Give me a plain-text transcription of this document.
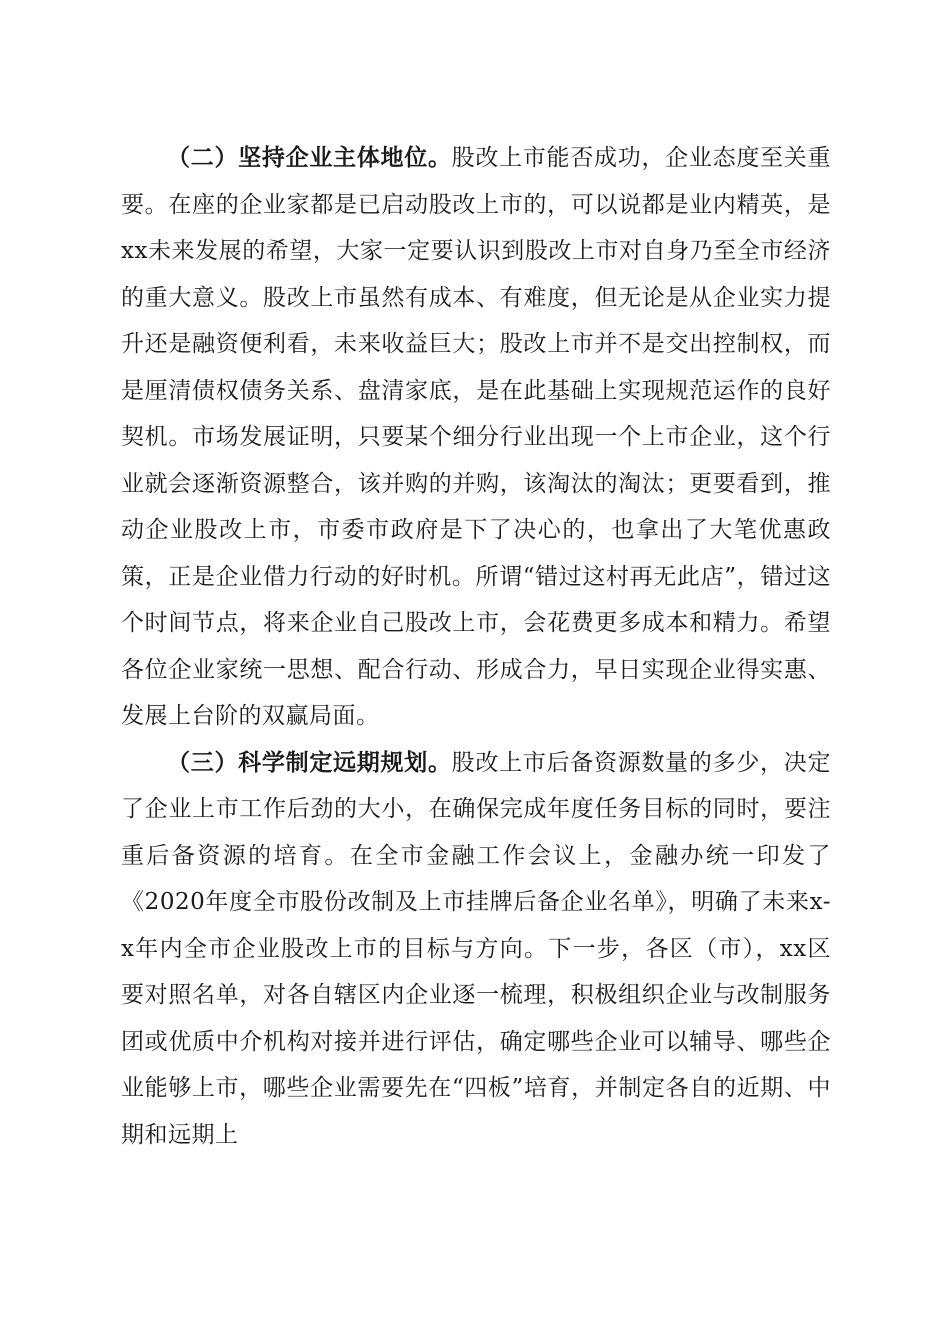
（二）坚持企业主体地位。股改上市能否成功，企业态度至关重要。在座的企业家都是已启动股改上市的，可以说都是业内精英，是xx未来发展的希望，大家一定要认识到股改上市对自身乃至全市经济的重大意义。股改上市虽然有成本、有难度，但无论是从企业实力提升还是融资便利看，未来收益巨大；股改上市并不是交出控制权，而是厘清债权债务关系、盘清家底，是在此基础上实现规范运作的良好契机。市场发展证明，只要某个细分行业出现一个上市企业，这个行业就会逐渐资源整合，该并购的并购，该淘汰的淘汰；更要看到，推动企业股改上市，市委市政府是下了决心的，也拿出了大笔优惠政策，正是企业借力行动的好时机。所谓“错过这村再无此店”，错过这个时间节点，将来企业自己股改上市，会花费更多成本和精力。希望各位企业家统一思想、配合行动、形成合力，早日实现企业得实惠、发展上台阶的双赢局面。

（三）科学制定远期规划。股改上市后备资源数量的多少，决定了企业上市工作后劲的大小，在确保完成年度任务目标的同时，要注重后备资源的培育。在全市金融工作会议上，金融办统一印发了《2020年度全市股份改制及上市挂牌后备企业名单》，明确了未来x-x年内全市企业股改上市的目标与方向。下一步，各区（市），xx区要对照名单，对各自辖区内企业逐一梳理，积极组织企业与改制服务团或优质中介机构对接并进行评估，确定哪些企业可以辅导、哪些企业能够上市，哪些企业需要先在“四板”培育，并制定各自的近期、中期和远期上
